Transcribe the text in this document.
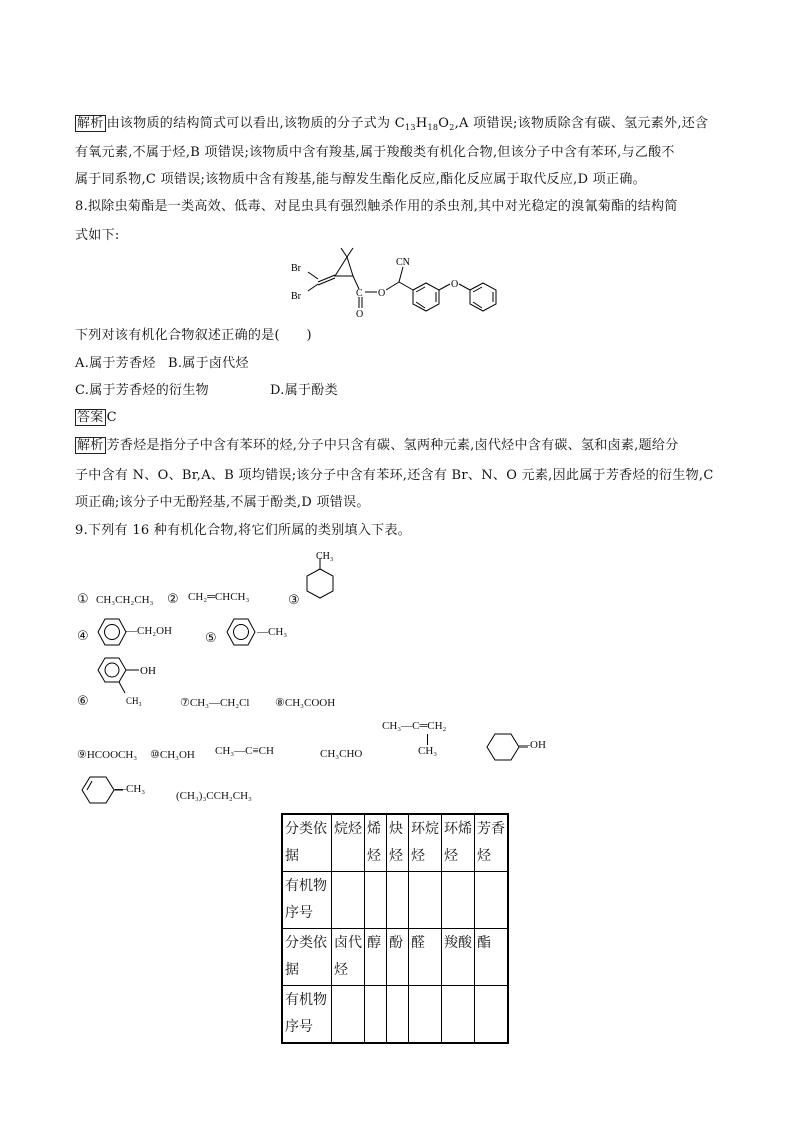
解析 由该物质的结构简式可以看出,该物质的分子式为 $C_{13}H_{18}O_2,A$ 项错误;该物质除含有碳、氢元素外,还含
有氧元素,不属于烃,B 项错误;该物质中含有羧基,属于羧酸类有机化合物,但该分子中含有苯环,与乙酸不
属于同系物,C 项错误;该物质中含有羧基,能与醇发生酯化反应,酯化反应属于取代反应,D 项正确。
8.拟除虫菊酯是一类高效、低毒、对昆虫具有强烈触杀作用的杀虫剂,其中对光稳定的溴氰菊酯的结构简
式如下:
Br
Br
CN
C
O
O
O
下列对该有机化合物叙述正确的是(　　)
A.属于芳香烃 B.属于卤代烃
C.属于芳香烃的衍生物	D.属于酚类
答案 C
解析 芳香烃是指分子中含有苯环的烃,分子中只含有碳、氢两种元素,卤代烃中含有碳、氢和卤素,题给分
子中含有 N、O、Br,A、B 项均错误;该分子中含有苯环,还含有 Br、N、O 元素,因此属于芳香烃的衍生物,C
项正确;该分子中无酚羟基,不属于酚类,D 项错误。
9.下列有 16 种有机化合物,将它们所属的类别填入下表。
① CH₃CH₂CH₃ ② CH₂═CHCH₃	③
CH₃
④	—CH₂OH	⑤	—CH₃
OH
CH₃
⑥	⑦CH₃—CH₂Cl ⑧CH₃COOH
⑨HCOOCH₃ ⑩CH₃OH CH₃—C≡CH	CH₃CHO
CH₃—C═CH₂
CH₃	—OH
—CH₃
(CH₃)₃CCH₂CH₃
分类依据	烷烃	烯烃	炔烃	环烷烃	环烯烃	芳香烃
有机物序号						
分类依据	卤代烃	醇	酚	醛	羧酸	酯
有机物序号						
